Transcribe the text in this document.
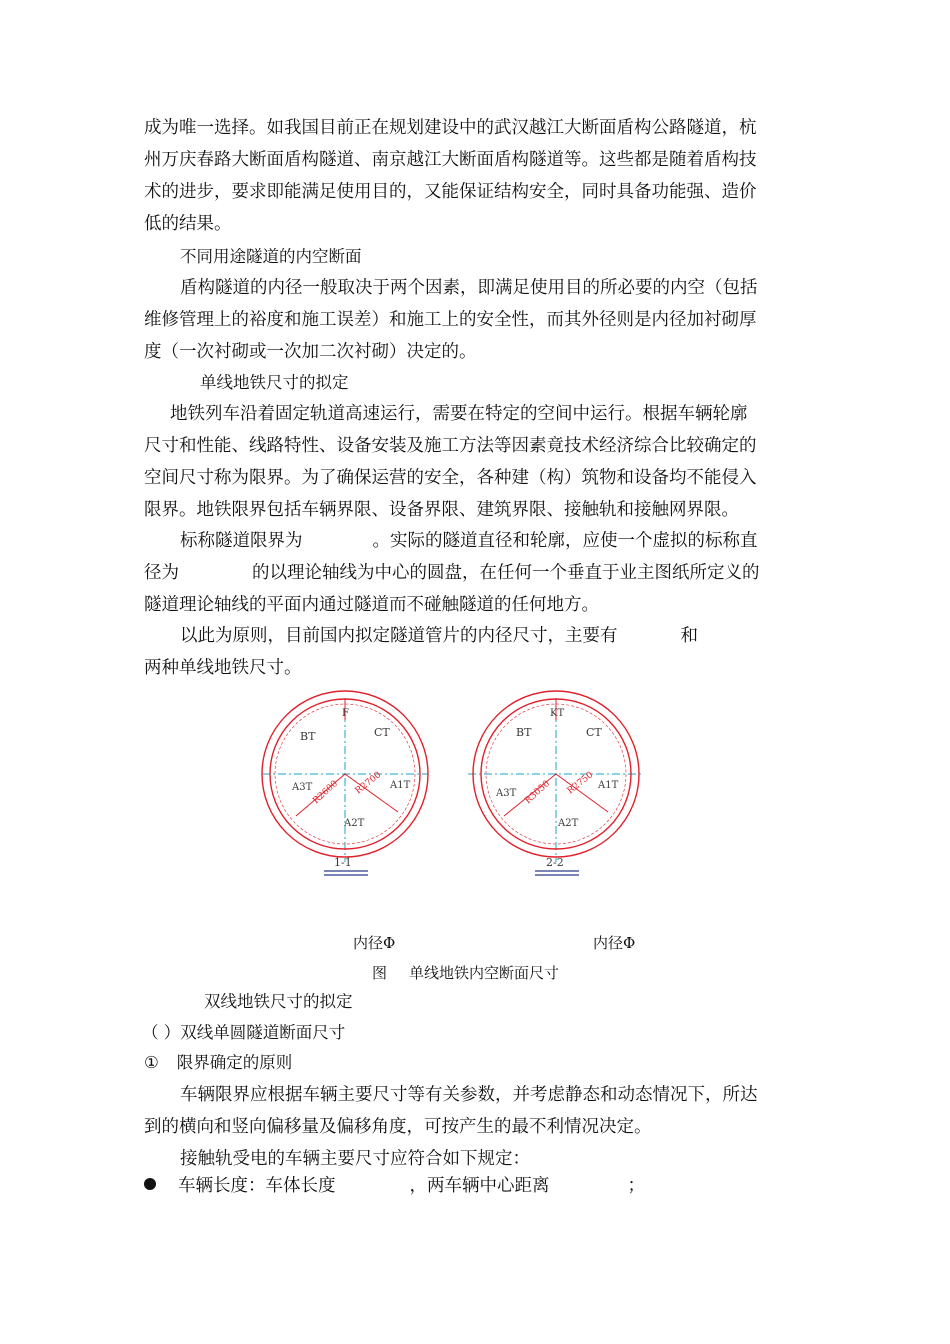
成为唯一选择。如我国目前正在规划建设中的武汉越江大断面盾构公路隧道，杭
州万庆春路大断面盾构隧道、南京越江大断面盾构隧道等。这些都是随着盾构技
术的进步，要求即能满足使用目的，又能保证结构安全，同时具备功能强、造价
低的结果。
不同用途隧道的内空断面
盾构隧道的内径一般取决于两个因素，即满足使用目的所必要的内空（包括
维修管理上的裕度和施工误差）和施工上的安全性，而其外径则是内径加衬砌厚
度（一次衬砌或一次加二次衬砌）决定的。
单线地铁尺寸的拟定
地铁列车沿着固定轨道高速运行，需要在特定的空间中运行。根据车辆轮廓
尺寸和性能、线路特性、设备安装及施工方法等因素竟技术经济综合比较确定的
空间尺寸称为限界。为了确保运营的安全，各种建（构）筑物和设备均不能侵入
限界。地铁限界包括车辆界限、设备界限、建筑界限、接触轨和接触网界限。
标称隧道限界为	。实际的隧道直径和轮廓，应使一个虚拟的标称直
径为	的以理论轴线为中心的圆盘，在任何一个垂直于业主图纸所定义的
隧道理论轴线的平面内通过隧道而不碰触隧道的任何地方。
以此为原则，目前国内拟定隧道管片的内径尺寸，主要有	和
两种单线地铁尺寸。
F
BT	CT
A3T	A1T
A2T
R2600 R2700
1-1
KT
BT	CT
A3T
A1T
A2T
R3050 R2750
2-2
内径Φ	内径Φ
图 单线地铁内空断面尺寸
双线地铁尺寸的拟定
（ ）双线单圆隧道断面尺寸
① 限界确定的原则
车辆限界应根据车辆主要尺寸等有关参数，并考虑静态和动态情况下，所达
到的横向和竖向偏移量及偏移角度，可按产生的最不利情况决定。
接触轨受电的车辆主要尺寸应符合如下规定：
车辆长度：车体长度	，两车辆中心距离	；
